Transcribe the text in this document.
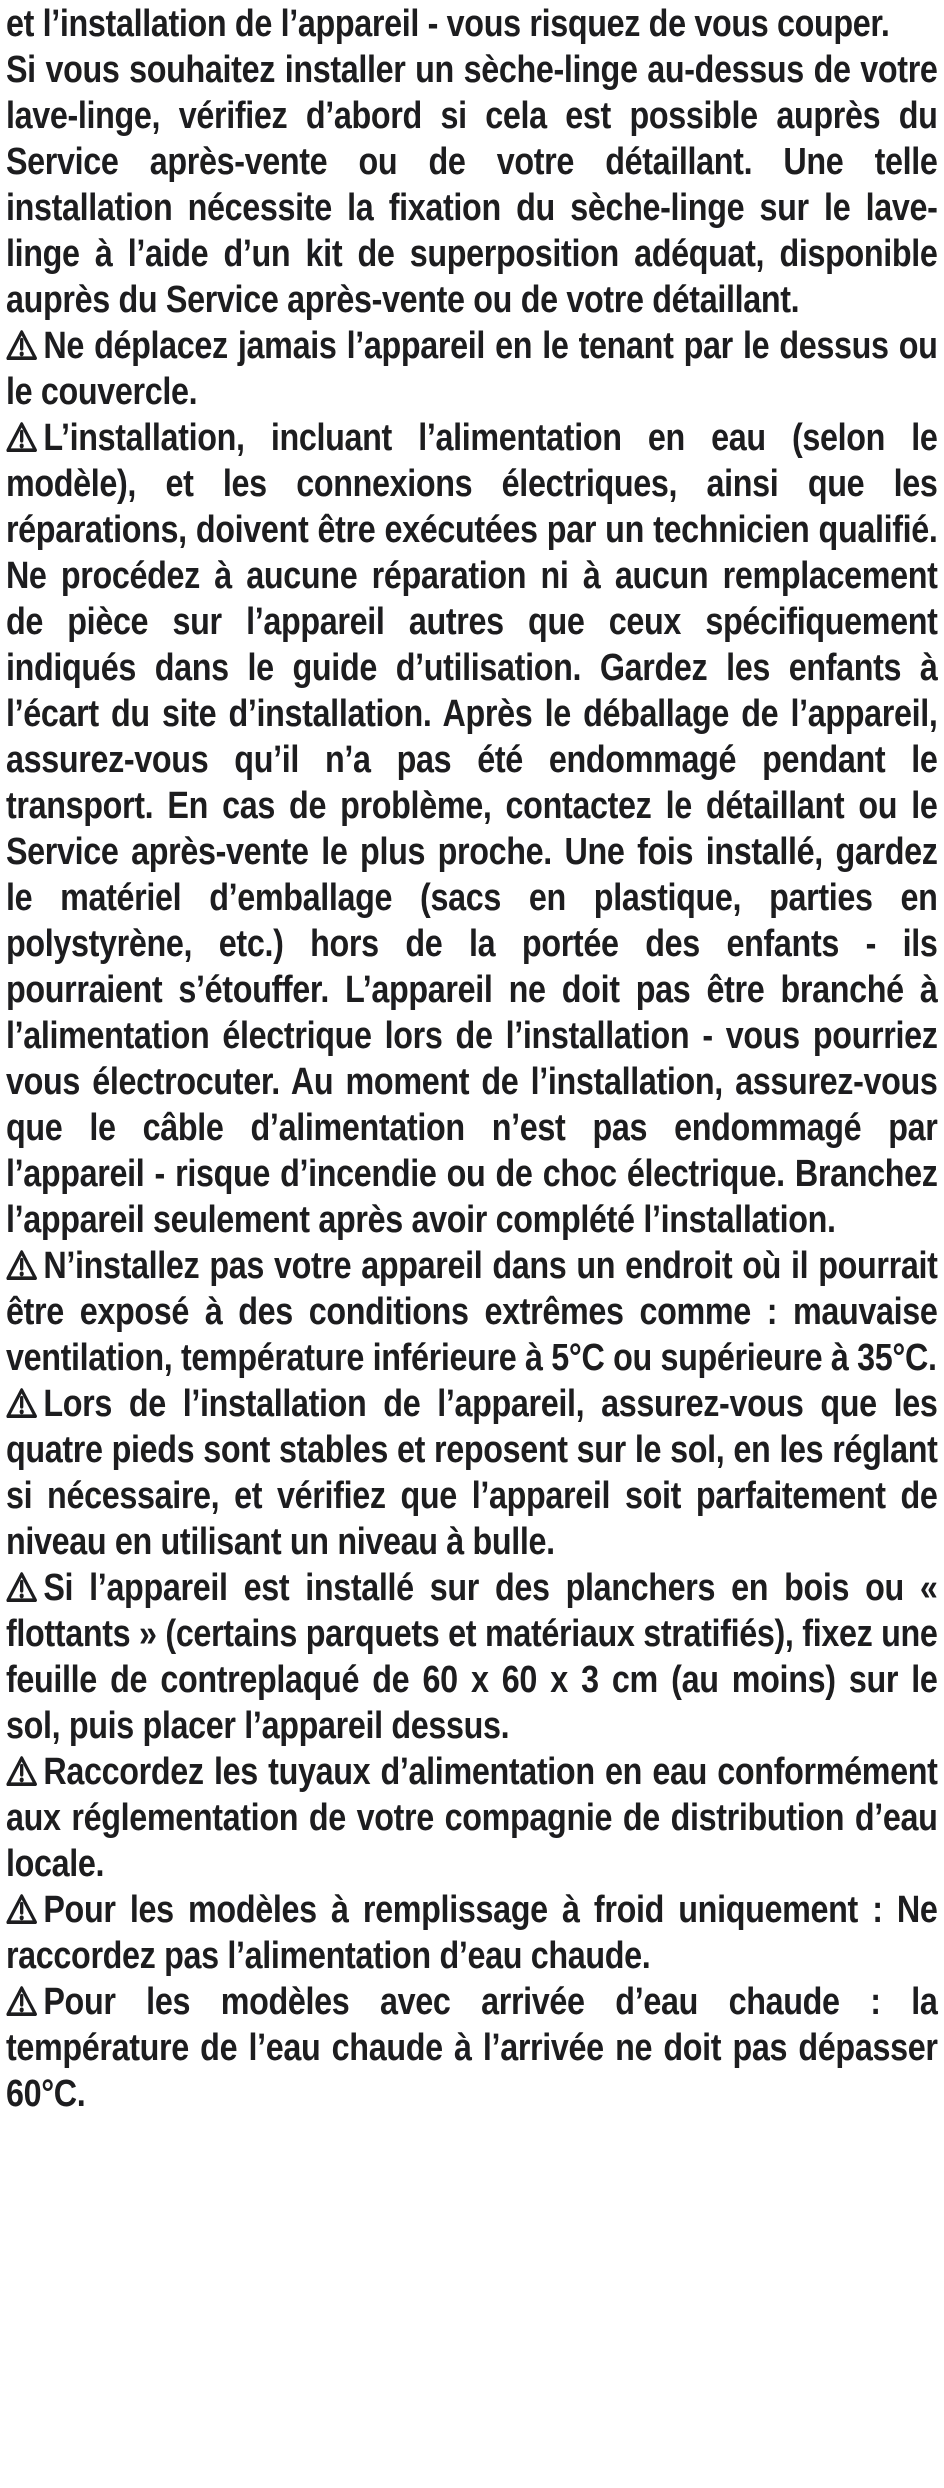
et l’installation de l’appareil - vous risquez de vous couper.

Si vous souhaitez installer un sèche-linge au-dessus de votre lave-linge, vérifiez d’abord si cela est possible auprès du Service après-vente ou de votre détaillant. Une telle installation nécessite la fixation du sèche-linge sur le lave-linge à l’aide d’un kit de superposition adéquat, disponible auprès du Service après-vente ou de votre détaillant.

Ne déplacez jamais l’appareil en le tenant par le dessus ou le couvercle.

L’installation, incluant l’alimentation en eau (selon le modèle), et les connexions électriques, ainsi que les réparations, doivent être exécutées par un technicien qualifié. Ne procédez à aucune réparation ni à aucun remplacement de pièce sur l’appareil autres que ceux spécifiquement indiqués dans le guide d’utilisation. Gardez les enfants à l’écart du site d’installation. Après le déballage de l’appareil, assurez-vous qu’il n’a pas été endommagé pendant le transport. En cas de problème, contactez le détaillant ou le Service après-vente le plus proche. Une fois installé, gardez le matériel d’emballage (sacs en plastique, parties en polystyrène, etc.) hors de la portée des enfants - ils pourraient s’étouffer. L’appareil ne doit pas être branché à l’alimentation électrique lors de l’installation - vous pourriez vous électrocuter. Au moment de l’installation, assurez-vous que le câble d’alimentation n’est pas endommagé par l’appareil - risque d’incendie ou de choc électrique. Branchez l’appareil seulement après avoir complété l’installation.

N’installez pas votre appareil dans un endroit où il pourrait être exposé à des conditions extrêmes comme : mauvaise ventilation, température inférieure à 5°C ou supérieure à 35°C.

Lors de l’installation de l’appareil, assurez-vous que les quatre pieds sont stables et reposent sur le sol, en les réglant si nécessaire, et vérifiez que l’appareil soit parfaitement de niveau en utilisant un niveau à bulle.

Si l’appareil est installé sur des planchers en bois ou « flottants » (certains parquets et matériaux stratifiés), fixez une feuille de contreplaqué de 60 x 60 x 3 cm (au moins) sur le sol, puis placer l’appareil dessus.

Raccordez les tuyaux d’alimentation en eau conformément aux réglementation de votre compagnie de distribution d’eau locale.

Pour les modèles à remplissage à froid uniquement : Ne raccordez pas l’alimentation d’eau chaude.

Pour les modèles avec arrivée d’eau chaude : la température de l’eau chaude à l’arrivée ne doit pas dépasser 60°C.
